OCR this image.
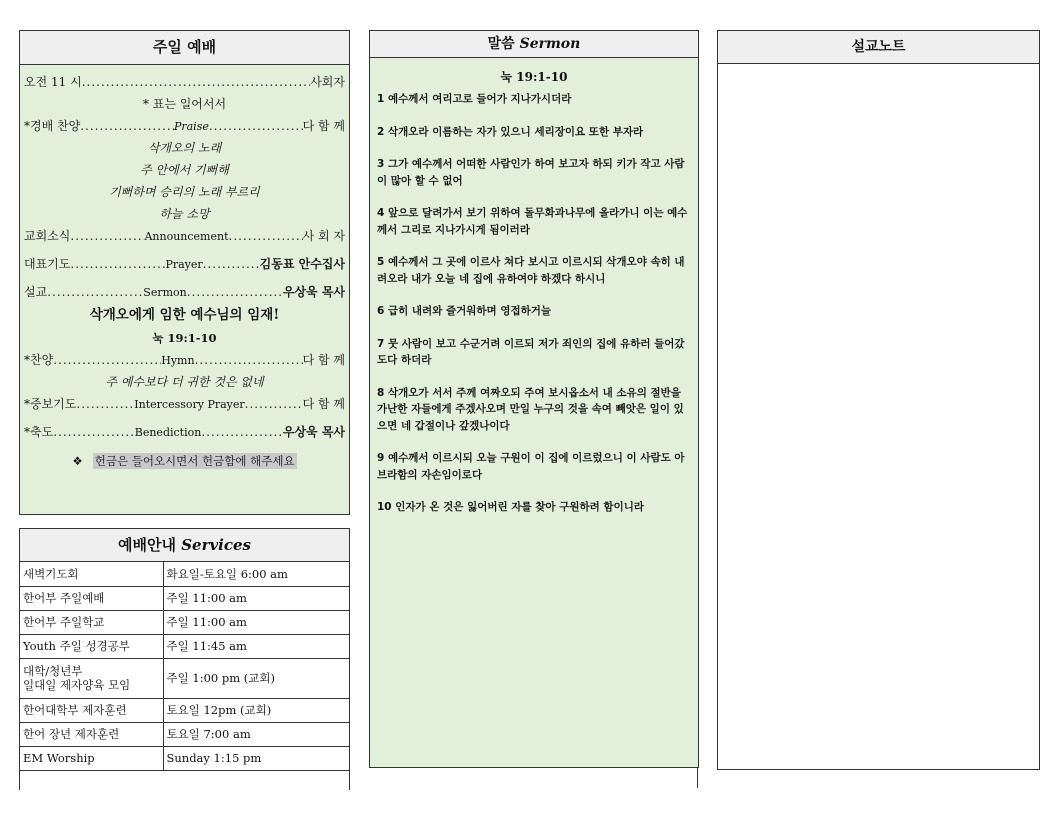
주일 예배
오전 11 시 .....	사회자
* 표는 일어서서
*경배 찬양 .....	Praise .....	다 함 께
삭개오의 노래
주 안에서 기뻐해
기뻐하며 승리의 노래 부르리
하늘 소망
교회소식 .....	Announcement .....	사 회 자
대표기도 .....	Prayer .....	김동표 안수집사
설교 .....	Sermon .....	우상욱 목사
삭개오에게 임한 예수님의 임재!
눅 19:1-10
*찬양 .....	Hymn .....	다 함 께
주 예수보다 더 귀한 것은 없네
*중보기도 .....	Intercessory Prayer .....	다 함 께
*축도 .....	Benediction .....	우상욱 목사
❖ 헌금은 들어오시면서 헌금함에 해주세요
예배안내 Services
새벽기도회	화요일-토요일 6:00 am
한어부 주일예배	주일 11:00 am
한어부 주일학교	주일 11:00 am
Youth 주일 성경공부	주일 11:45 am
대학/청년부
일대일 제자양육 모임	주일 1:00 pm (교회)
한어대학부 제자훈련	토요일 12pm (교회)
한어 장년 제자훈련	토요일 7:00 am
EM Worship	Sunday 1:15 pm
말씀 Sermon
눅 19:1-10
1 예수께서 여리고로 들어가 지나가시더라
2 삭개오라 이름하는 자가 있으니 세리장이요 또한 부자라
3 그가 예수께서 어떠한 사람인가 하여 보고자 하되 키가 작고 사람이 많아 할 수 없어
4 앞으로 달려가서 보기 위하여 돌무화과나무에 올라가니 이는 예수께서 그리로 지나가시게 됨이러라
5 예수께서 그 곳에 이르사 쳐다 보시고 이르시되 삭개오야 속히 내려오라 내가 오늘 네 집에 유하여야 하겠다 하시니
6 급히 내려와 즐거워하며 영접하거늘
7 뭇 사람이 보고 수군거려 이르되 저가 죄인의 집에 유하러 들어갔도다 하더라
8 삭개오가 서서 주께 여짜오되 주여 보시옵소서 내 소유의 절반을 가난한 자들에게 주겠사오며 만일 누구의 것을 속여 빼앗은 일이 있으면 네 갑절이나 갚겠나이다
9 예수께서 이르시되 오늘 구원이 이 집에 이르렀으니 이 사람도 아브라함의 자손임이로다
10 인자가 온 것은 잃어버린 자를 찾아 구원하려 함이니라
설교노트
